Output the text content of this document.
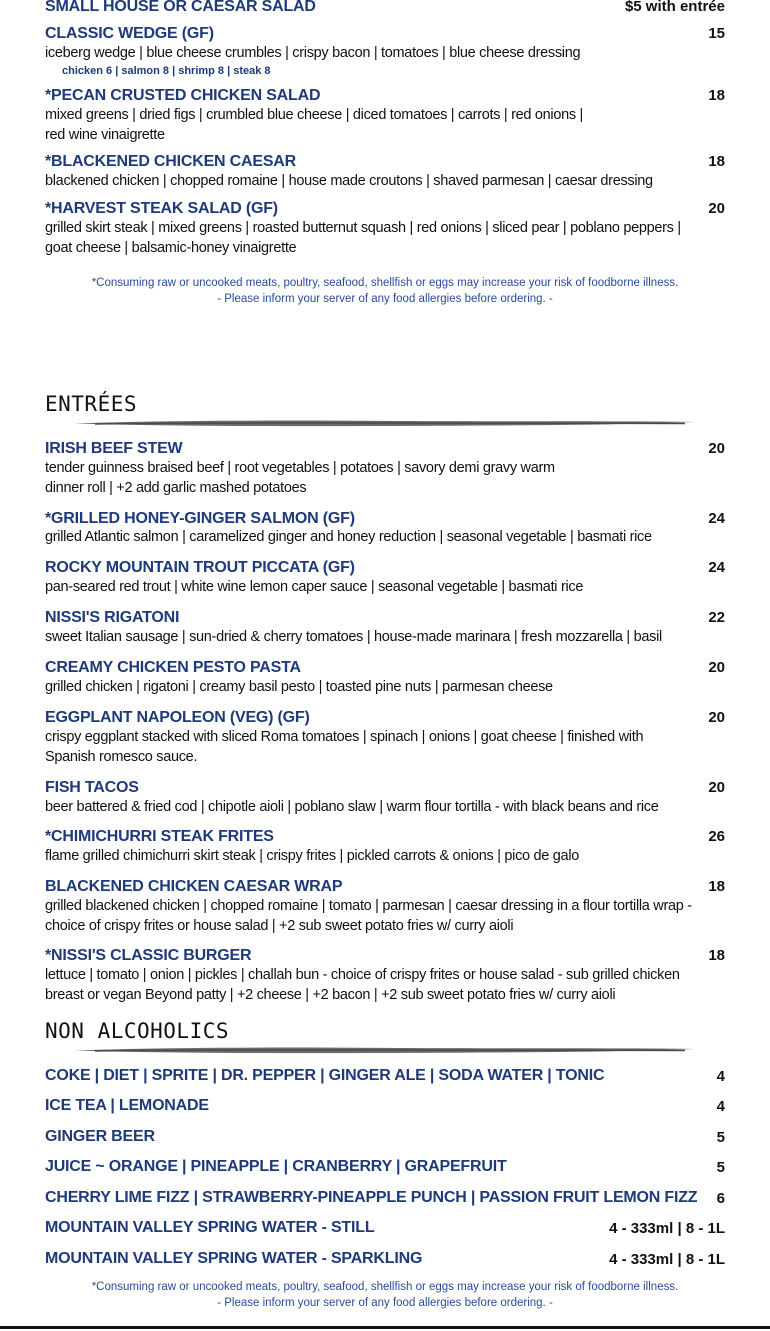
SMALL HOUSE OR CAESAR SALAD	$5 with entrée
CLASSIC WEDGE (GF)	15
iceberg wedge | blue cheese crumbles | crispy bacon | tomatoes | blue cheese dressing
chicken 6 | salmon 8 | shrimp 8 | steak 8
*PECAN CRUSTED CHICKEN SALAD	18
mixed greens | dried figs | crumbled blue cheese | diced tomatoes | carrots | red onions | red wine vinaigrette
*BLACKENED CHICKEN CAESAR	18
blackened chicken | chopped romaine | house made croutons | shaved parmesan | caesar dressing
*HARVEST STEAK SALAD (GF)	20
grilled skirt steak | mixed greens | roasted butternut squash | red onions | sliced pear | poblano peppers | goat cheese | balsamic-honey vinaigrette
*Consuming raw or uncooked meats, poultry, seafood, shellfish or eggs may increase your risk of foodborne illness.
- Please inform your server of any food allergies before ordering. -
ENTRÉES
IRISH BEEF STEW	20
tender guinness braised beef | root vegetables | potatoes | savory demi gravy warm dinner roll | +2 add garlic mashed potatoes
*GRILLED HONEY-GINGER SALMON (GF)	24
grilled Atlantic salmon | caramelized ginger and honey reduction | seasonal vegetable | basmati rice
ROCKY MOUNTAIN TROUT PICCATA (GF)	24
pan-seared red trout | white wine lemon caper sauce | seasonal vegetable | basmati rice
NISSI'S RIGATONI	22
sweet Italian sausage | sun-dried & cherry tomatoes | house-made marinara | fresh mozzarella | basil
CREAMY CHICKEN PESTO PASTA	20
grilled chicken | rigatoni | creamy basil pesto | toasted pine nuts | parmesan cheese
EGGPLANT NAPOLEON (VEG) (GF)	20
crispy eggplant stacked with sliced Roma tomatoes | spinach | onions | goat cheese | finished with Spanish romesco sauce.
FISH TACOS	20
beer battered & fried cod | chipotle aioli | poblano slaw | warm flour tortilla - with black beans and rice
*CHIMICHURRI STEAK FRITES	26
flame grilled chimichurri skirt steak | crispy frites | pickled carrots & onions | pico de galo
BLACKENED CHICKEN CAESAR WRAP	18
grilled blackened chicken | chopped romaine | tomato | parmesan | caesar dressing in a flour tortilla wrap - choice of crispy frites or house salad | +2 sub sweet potato fries w/ curry aioli
*NISSI'S CLASSIC BURGER	18
lettuce | tomato | onion | pickles | challah bun - choice of crispy frites or house salad - sub grilled chicken breast or vegan Beyond patty | +2 cheese | +2 bacon | +2 sub sweet potato fries w/ curry aioli
NON ALCOHOLICS
COKE | DIET | SPRITE | DR. PEPPER | GINGER ALE | SODA WATER | TONIC	4
ICE TEA | LEMONADE	4
GINGER BEER	5
JUICE ~ ORANGE | PINEAPPLE | CRANBERRY | GRAPEFRUIT	5
CHERRY LIME FIZZ | STRAWBERRY-PINEAPPLE PUNCH | PASSION FRUIT LEMON FIZZ 6
MOUNTAIN VALLEY SPRING WATER - STILL	4 - 333ml | 8 - 1L
MOUNTAIN VALLEY SPRING WATER - SPARKLING	4 - 333ml | 8 - 1L
*Consuming raw or uncooked meats, poultry, seafood, shellfish or eggs may increase your risk of foodborne illness.
- Please inform your server of any food allergies before ordering. -
